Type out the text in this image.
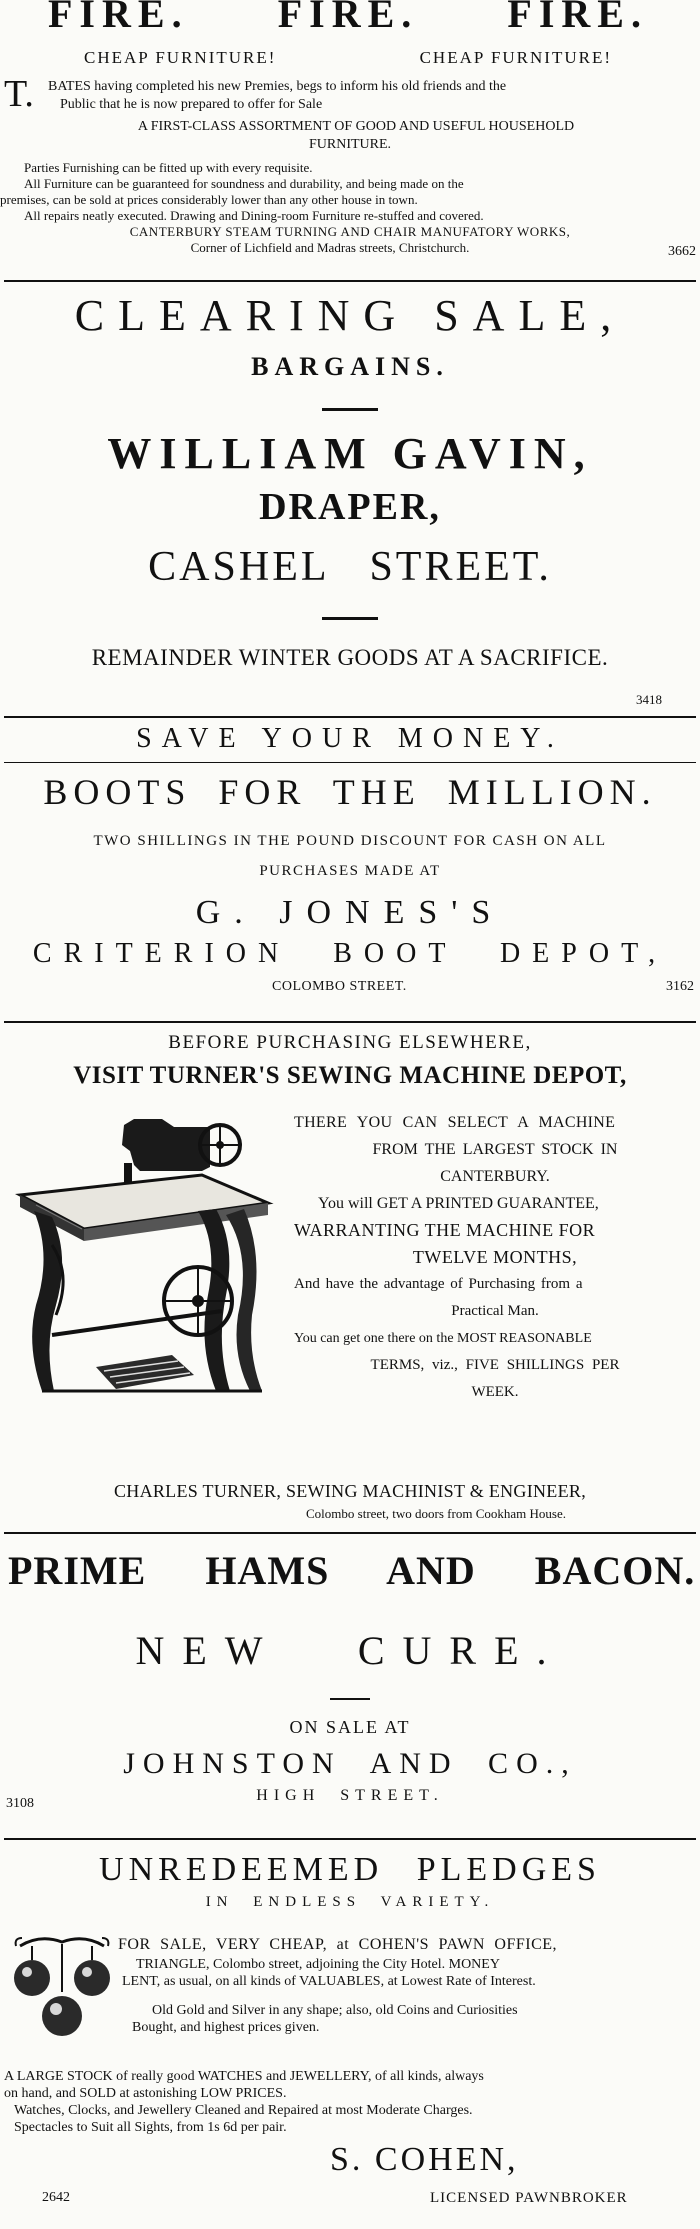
FIRE. FIRE. FIRE.
CHEAP FURNITURE!	CHEAP FURNITURE!
T. BATES having completed his new Premies, begs to inform his old friends and the
Public that he is now prepared to offer for Sale
A FIRST-CLASS ASSORTMENT OF GOOD AND USEFUL HOUSEHOLD
FURNITURE.
Parties Furnishing can be fitted up with every requisite.
All Furniture can be guaranteed for soundness and durability, and being made on the
premises, can be sold at prices considerably lower than any other house in town.
All repairs neatly executed. Drawing and Dining-room Furniture re-stuffed and covered.
CANTERBURY STEAM TURNING AND CHAIR MANUFATORY WORKS,
Corner of Lichfield and Madras streets, Christchurch.	3662
CLEARING SALE,
BARGAINS.
WILLIAM GAVIN,
DRAPER,
CASHEL STREET.
REMAINDER WINTER GOODS AT A SACRIFICE.
3418
SAVE YOUR MONEY.
BOOTS FOR THE MILLION.
TWO SHILLINGS IN THE POUND DISCOUNT FOR CASH ON ALL
PURCHASES MADE AT
G. JONES'S
CRITERION BOOT DEPOT,
COLOMBO STREET.	3162
BEFORE PURCHASING ELSEWHERE,
VISIT TURNER'S SEWING MACHINE DEPOT,
THERE YOU CAN SELECT A MACHINE
FROM THE LARGEST STOCK IN
CANTERBURY.
You will GET A PRINTED GUARANTEE,
WARRANTING THE MACHINE FOR
TWELVE MONTHS,
And have the advantage of Purchasing from a
Practical Man.
You can get one there on the MOST REASONABLE
TERMS, viz., FIVE SHILLINGS PER
WEEK.
CHARLES TURNER, SEWING MACHINIST & ENGINEER,
Colombo street, two doors from Cookham House.
PRIME HAMS AND BACON.
NEW CURE.
ON SALE AT
JOHNSTON AND CO.,
HIGH STREET.
3108
UNREDEEMED PLEDGES
IN ENDLESS VARIETY.
FOR SALE, VERY CHEAP, at COHEN'S PAWN OFFICE,
TRIANGLE, Colombo street, adjoining the City Hotel. MONEY
LENT, as usual, on all kinds of VALUABLES, at Lowest Rate of Interest.
Old Gold and Silver in any shape; also, old Coins and Curiosities
Bought, and highest prices given.
A LARGE STOCK of really good WATCHES and JEWELLERY, of all kinds, always
on hand, and SOLD at astonishing LOW PRICES.
Watches, Clocks, and Jewellery Cleaned and Repaired at most Moderate Charges.
Spectacles to Suit all Sights, from 1s 6d per pair.
S. COHEN,
2642	LICENSED PAWNBROKER
